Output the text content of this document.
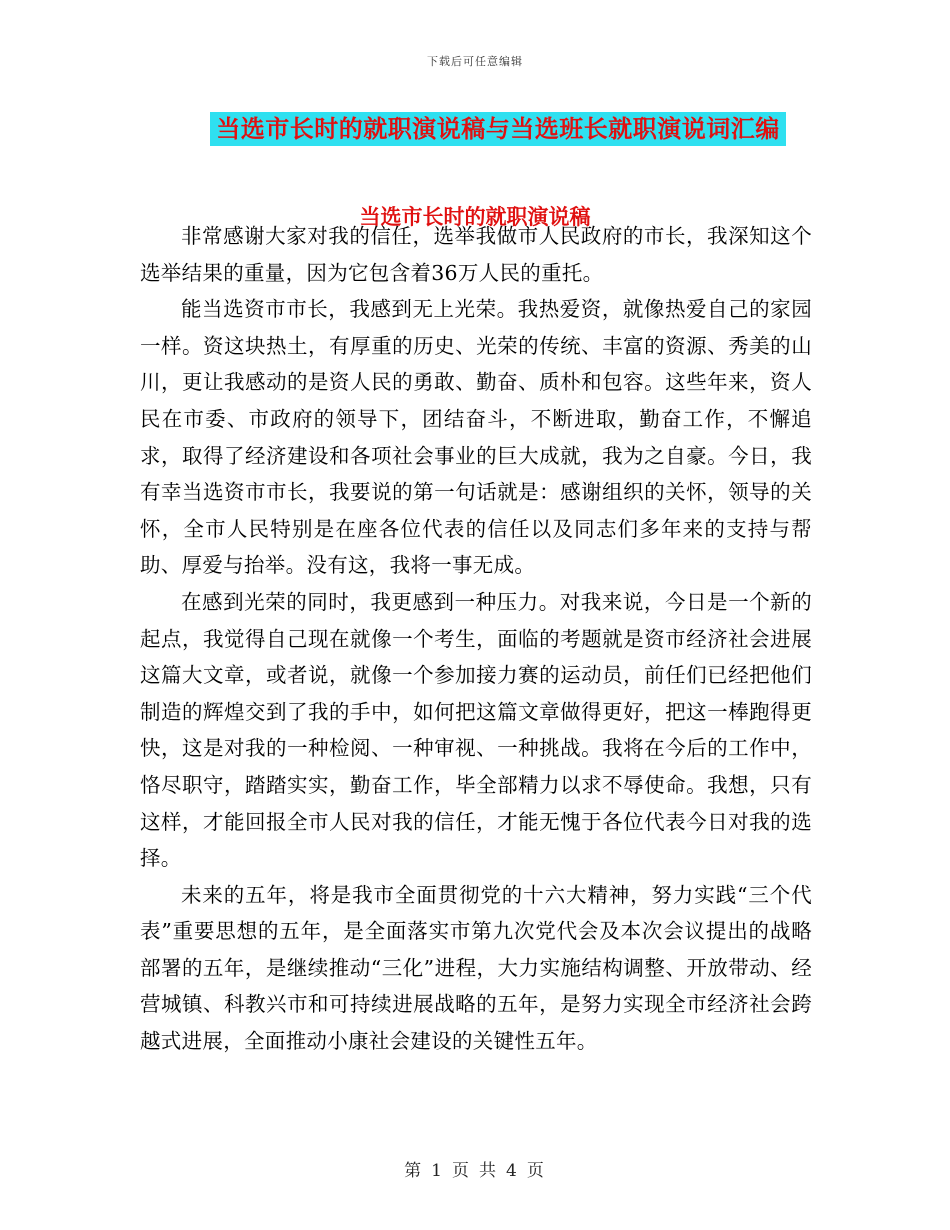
下载后可任意编辑
当选市长时的就职演说稿与当选班长就职演说词汇编
当选市长时的就职演说稿

非常感谢大家对我的信任，选举我做市人民政府的市长，我深知这个选举结果的重量，因为它包含着36万人民的重托。

能当选资市市长，我感到无上光荣。我热爱资，就像热爱自己的家园一样。资这块热土，有厚重的历史、光荣的传统、丰富的资源、秀美的山川，更让我感动的是资人民的勇敢、勤奋、质朴和包容。这些年来，资人民在市委、市政府的领导下，团结奋斗，不断进取，勤奋工作，不懈追求，取得了经济建设和各项社会事业的巨大成就，我为之自豪。今日，我有幸当选资市市长，我要说的第一句话就是：感谢组织的关怀，领导的关怀，全市人民特别是在座各位代表的信任以及同志们多年来的支持与帮助、厚爱与抬举。没有这，我将一事无成。

在感到光荣的同时，我更感到一种压力。对我来说，今日是一个新的起点，我觉得自己现在就像一个考生，面临的考题就是资市经济社会进展这篇大文章，或者说，就像一个参加接力赛的运动员，前任们已经把他们制造的辉煌交到了我的手中，如何把这篇文章做得更好，把这一棒跑得更快，这是对我的一种检阅、一种审视、一种挑战。我将在今后的工作中，恪尽职守，踏踏实实，勤奋工作，毕全部精力以求不辱使命。我想，只有这样，才能回报全市人民对我的信任，才能无愧于各位代表今日对我的选择。

未来的五年，将是我市全面贯彻党的十六大精神，努力实践“三个代表”重要思想的五年，是全面落实市第九次党代会及本次会议提出的战略部署的五年，是继续推动“三化”进程，大力实施结构调整、开放带动、经营城镇、科教兴市和可持续进展战略的五年，是努力实现全市经济社会跨越式进展，全面推动小康社会建设的关键性五年。

第 1 页 共 4 页
